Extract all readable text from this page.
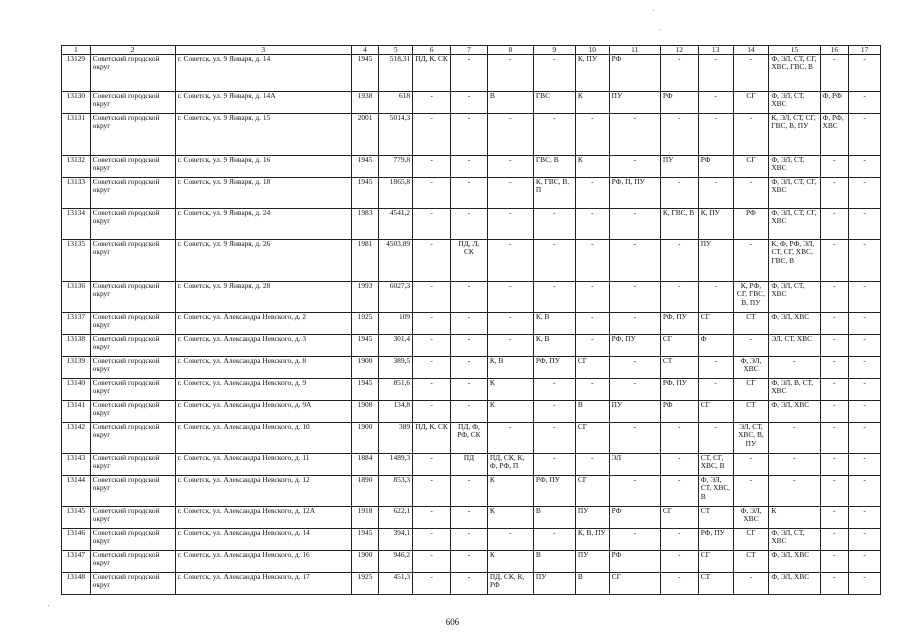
1	2	3	4	5	6	7	8	9	10	11	12	13	14	15	16	17
13129	Советский городской округ	г. Советск, ул. 9 Января, д. 14	1945	518,31	ПД, К, СК	-	-	-	К, ПУ	РФ	-	-	-	Ф, ЭЛ, СТ, СГ, ХВС, ГВС, В	-	-
13130	Советский городской округ	г. Советск, ул. 9 Января, д. 14А	1938	618	-	-	В	ГВС	К	ПУ	РФ	-	СГ	Ф, ЭЛ, СТ, ХВС	Ф, РФ	-
13131	Советский городской округ	г. Советск, ул. 9 Января, д. 15	2001	5014,3	-	-	-	-	-	-	-	-	-	К, ЭЛ, СТ, СГ, ГВС, В, ПУ	Ф, РФ, ХВС	-
13132	Советский городской округ	г. Советск, ул. 9 Января, д. 16	1945	779,8	-	-	-	ГВС, В	К	-	ПУ	РФ	СГ	Ф, ЭЛ, СТ, ХВС	-	-
13133	Советский городской округ	г. Советск, ул. 9 Января, д. 18	1945	1865,8	-	-	-	К, ГВС, В, П	-	РФ, П, ПУ	-	-	-	Ф, ЭЛ, СТ, СГ, ХВС	-	-
13134	Советский городской округ	г. Советск, ул. 9 Января, д. 24	1983	4541,2	-	-	-	-	-	-	К, ГВС, В	К, ПУ	РФ	Ф, ЭЛ, СТ, СГ, ХВС	-	-
13135	Советский городской округ	г. Советск, ул. 9 Января, д. 26	1981	4503,89	-	ПД, Л, СК	-	-	-	-	-	ПУ	-	К, Ф, РФ, ЭЛ, СТ, СГ, ХВС, ГВС, В	-	-
13136	Советский городской округ	г. Советск, ул. 9 Января, д. 28	1993	6027,3	-	-	-	-	-	-	-	-	К, РФ, СГ, ГВС, В, ПУ	Ф, ЭЛ, СТ, ХВС	-	-
13137	Советский городской округ	г. Советск, ул. Александра Невского, д. 2	1925	109	-	-	-	К, В	-	-	РФ, ПУ	СГ	СТ	Ф, ЭЛ, ХВС	-	-
13138	Советский городской округ	г. Советск, ул. Александра Невского, д. 3	1945	301,4	-	-	-	К, В	-	РФ, ПУ	СГ	Ф	-	ЭЛ, СТ, ХВС	-	-
13139	Советский городской округ	г. Советск, ул. Александра Невского, д. 8	1900	389,5	-	-	К, В	РФ, ПУ	СГ	-	СТ	-	Ф, ЭЛ, ХВС	-	-	-
13140	Советский городской округ	г. Советск, ул. Александра Невского, д. 9	1945	851,6	-	-	К	-	-	-	РФ, ПУ	-	СГ	Ф, ЭЛ, В, СТ, ХВС	-	-
13141	Советский городской округ	г. Советск, ул. Александра Невского, д. 9А	1908	134,8	-	-	К	-	В	ПУ	РФ	СГ	СТ	Ф, ЭЛ, ХВС	-	-
13142	Советский городской округ	г. Советск, ул. Александра Невского, д. 10	1900	389	ПД, К, СК	ПД, Ф, РФ, СК	-	-	СГ	-	-	-	ЭЛ, СТ, ХВС, В, ПУ	-	-	-
13143	Советский городской округ	г. Советск, ул. Александра Невского, д. 11	1884	1489,3	-	ПД	ПД, СК, К, Ф, РФ, П	-	-	ЭЛ	-	СТ, СГ, ХВС, В	-	-	-	-
13144	Советский городской округ	г. Советск, ул. Александра Невского, д. 12	1890	853,3	-	-	К	РФ, ПУ	СГ	-	-	Ф, ЭЛ, СТ, ХВС, В	-	-	-	-
13145	Советский городской округ	г. Советск, ул. Александра Невского, д. 12А	1918	622,1	-	-	К	В	ПУ	РФ	СГ	СТ	Ф, ЭЛ, ХВС	К	-	-
13146	Советский городской округ	г. Советск, ул. Александра Невского, д. 14	1945	394,1	-	-	-	-	К, В, ПУ	-	-	РФ, ПУ	СГ	Ф, ЭЛ, СТ, ХВС	-	-
13147	Советский городской округ	г. Советск, ул. Александра Невского, д. 16	1900	946,2	-	-	К	В	ПУ	РФ	-	СГ	СТ	Ф, ЭЛ, ХВС	-	-
13148	Советский городской округ	г. Советск, ул. Александра Невского, д. 17	1925	451,3	-	-	ПД, СК, К, РФ	ПУ	В	СГ	-	СТ	-	Ф, ЭЛ, ХВС	-	-
606
